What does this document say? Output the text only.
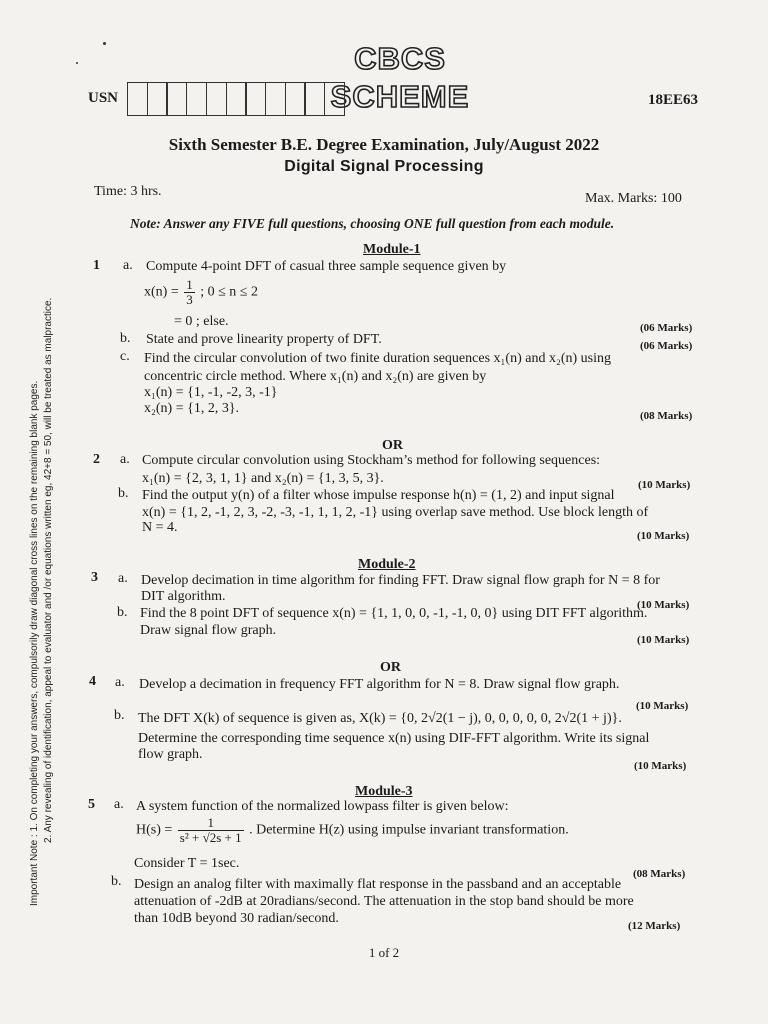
CBCS SCHEME
USN	18EE63
Sixth Semester B.E. Degree Examination, July/August 2022
Digital Signal Processing
Time: 3 hrs.	Max. Marks: 100
Note: Answer any FIVE full questions, choosing ONE full question from each module.
Important Note : 1. On completing your answers, compulsorily draw diagonal cross lines on the remaining blank pages. 2. Any revealing of identification, appeal to evaluator and /or equations written eg, 42+8 = 50, will be treated as malpractice.
Module-1
1 a. Compute 4-point DFT of casual three sample sequence given by
$x(n) = \frac{1}{3}$ ; 0 ≤ n ≤ 2
= 0 ; else.	(06 Marks)
b. State and prove linearity property of DFT.	(06 Marks)
c. Find the circular convolution of two finite duration sequences x₁(n) and x₂(n) using
concentric circle method. Where x₁(n) and x₂(n) are given by
x₁(n) = {1, -1, -2, 3, -1}
x₂(n) = {1, 2, 3}.	(08 Marks)
OR
2 a. Compute circular convolution using Stockham’s method for following sequences:
x₁(n) = {2, 3, 1, 1} and x₂(n) = {1, 3, 5, 3}.	(10 Marks)
b. Find the output y(n) of a filter whose impulse response h(n) = (1, 2) and input signal
x(n) = {1, 2, -1, 2, 3, -2, -3, -1, 1, 1, 2, -1} using overlap save method. Use block length of
N = 4.
(10 Marks)
Module-2
3 a. Develop decimation in time algorithm for finding FFT. Draw signal flow graph for N = 8 for
DIT algorithm.
(10 Marks)
b. Find the 8 point DFT of sequence x(n) = {1, 1, 0, 0, -1, -1, 0, 0} using DIT FFT algorithm.
Draw signal flow graph.
(10 Marks)
OR
4 a. Develop a decimation in frequency FFT algorithm for N = 8. Draw signal flow graph.
(10 Marks)
b. The DFT X(k) of sequence is given as, X(k) = {0, 2√2(1 − j), 0, 0, 0, 0, 0, 2√2(1 + j)}.
Determine the corresponding time sequence x(n) using DIF-FFT algorithm. Write its signal
flow graph.
(10 Marks)
Module-3
5 a. A system function of the normalized lowpass filter is given below:
$H(s) = \frac{1}{\text{s² + √2s + 1}}$ . Determine H(z) using impulse invariant transformation.
Consider T = 1sec.
(08 Marks)
b. Design an analog filter with maximally flat response in the passband and an acceptable
attenuation of -2dB at 20radians/second. The attenuation in the stop band should be more
than 10dB beyond 30 radian/second.	(12 Marks)
1 of 2
